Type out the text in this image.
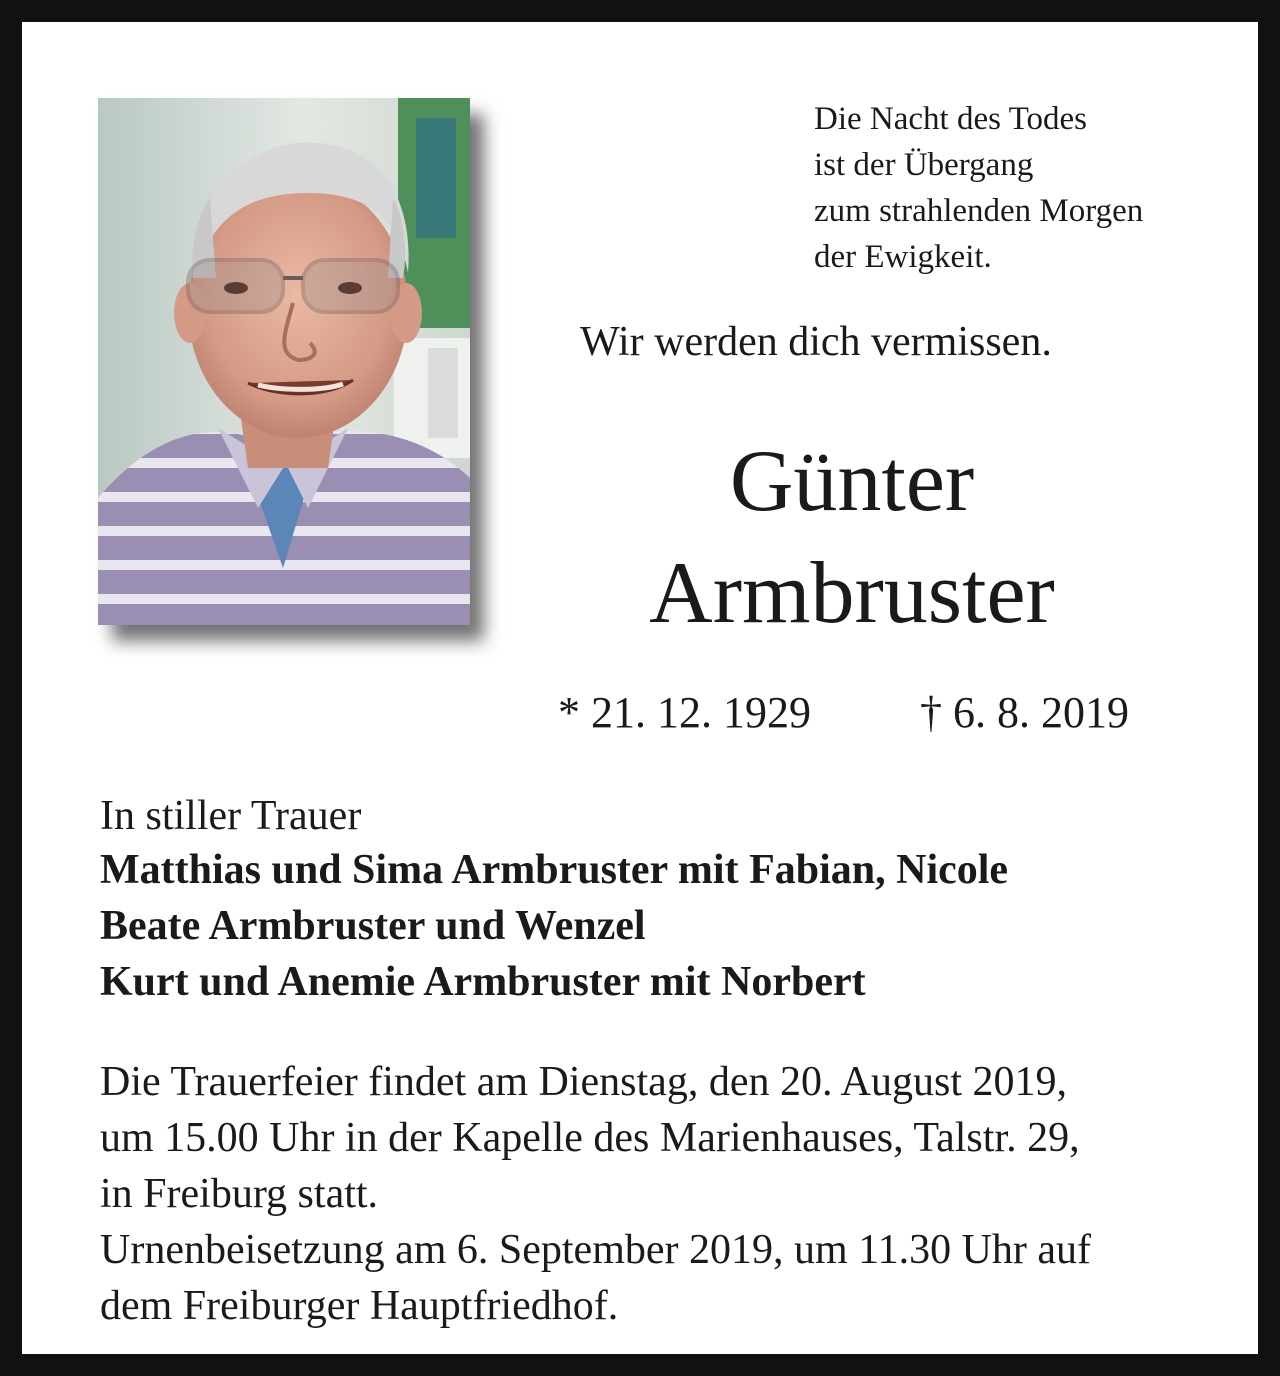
Die Nacht des Todes
ist der Übergang
zum strahlenden Morgen
der Ewigkeit.
Wir werden dich vermissen.
Günter
Armbruster
* 21. 12. 1929 † 6. 8. 2019
In stiller Trauer
Matthias und Sima Armbruster mit Fabian, Nicole
Beate Armbruster und Wenzel
Kurt und Anemie Armbruster mit Norbert
Die Trauerfeier findet am Dienstag, den 20. August 2019,
um 15.00 Uhr in der Kapelle des Marienhauses, Talstr. 29,
in Freiburg statt.
Urnenbeisetzung am 6. September 2019, um 11.30 Uhr auf
dem Freiburger Hauptfriedhof.
